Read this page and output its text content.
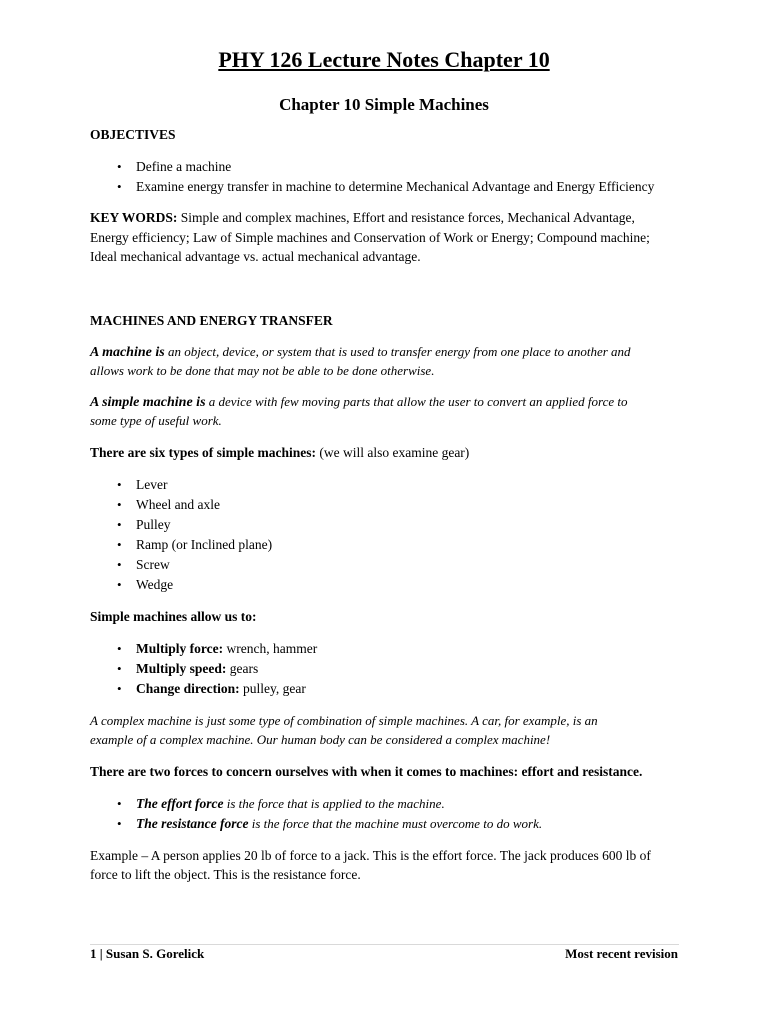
PHY 126 Lecture Notes Chapter 10
Chapter 10 Simple Machines
OBJECTIVES
• Define a machine
• Examine energy transfer in machine to determine Mechanical Advantage and Energy Efficiency
KEY WORDS: Simple and complex machines, Effort and resistance forces, Mechanical Advantage,
Energy efficiency; Law of Simple machines and Conservation of Work or Energy; Compound machine;
Ideal mechanical advantage vs. actual mechanical advantage.
MACHINES AND ENERGY TRANSFER
A machine is an object, device, or system that is used to transfer energy from one place to another and
allows work to be done that may not be able to be done otherwise.
A simple machine is a device with few moving parts that allow the user to convert an applied force to
some type of useful work.
There are six types of simple machines: (we will also examine gear)
• Lever
• Wheel and axle
• Pulley
• Ramp (or Inclined plane)
• Screw
• Wedge
Simple machines allow us to:
• Multiply force: wrench, hammer
• Multiply speed: gears
• Change direction: pulley, gear
A complex machine is just some type of combination of simple machines. A car, for example, is an
example of a complex machine. Our human body can be considered a complex machine!
There are two forces to concern ourselves with when it comes to machines: effort and resistance.
• The effort force is the force that is applied to the machine.
• The resistance force is the force that the machine must overcome to do work.
Example – A person applies 20 lb of force to a jack. This is the effort force. The jack produces 600 lb of
force to lift the object. This is the resistance force.
1 | Susan S. Gorelick	Most recent revision
